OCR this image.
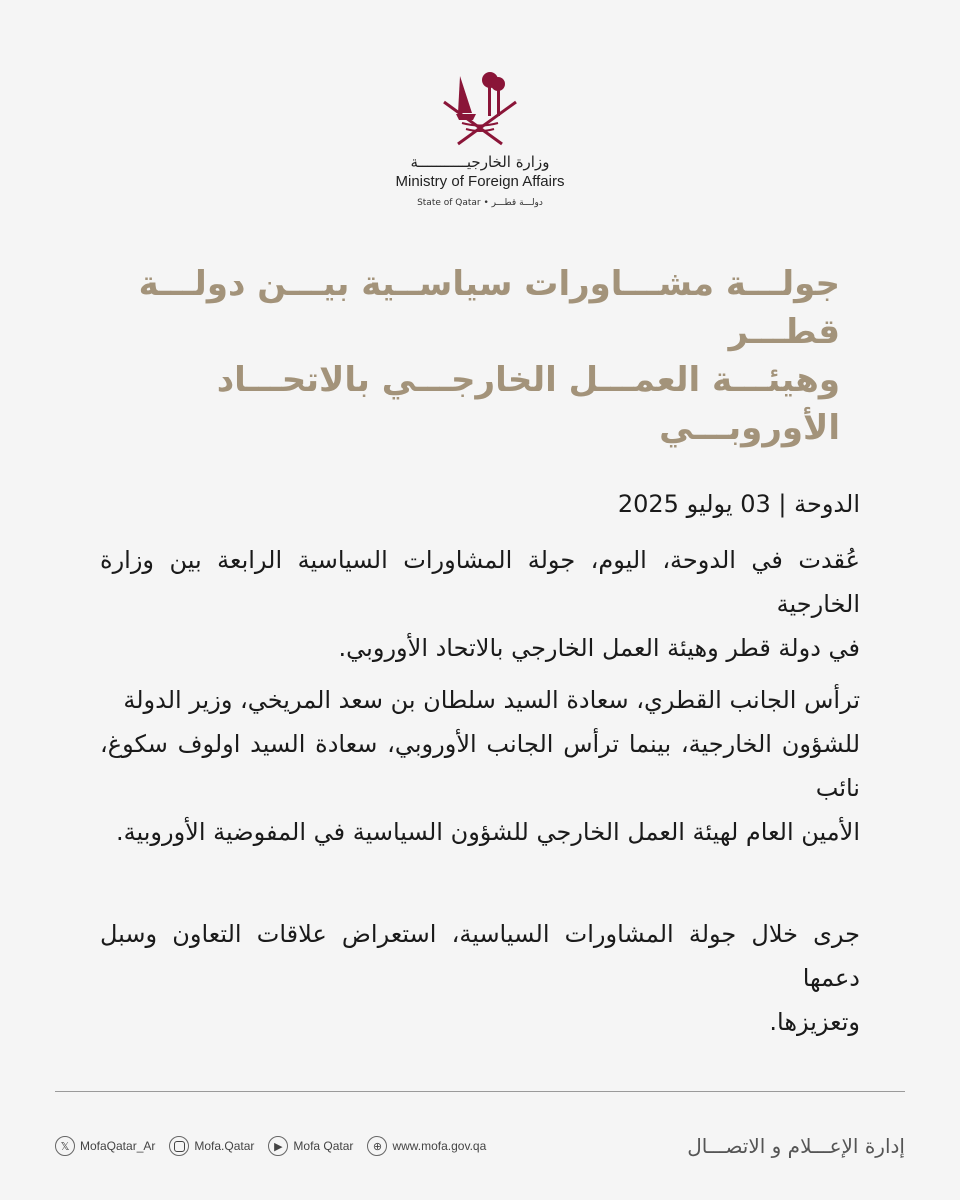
وزارة الخارجيـــــــــــة
Ministry of Foreign Affairs
State of Qatar • دولـــة قطـــر
جولـــة مشـــاورات سياســية بيـــن دولـــة قطـــر
وهيئـــة العمـــل الخارجـــي بالاتحـــاد الأوروبـــي
الدوحة | 03 يوليو 2025
عُقدت في الدوحة، اليوم، جولة المشاورات السياسية الرابعة بين وزارة الخارجية
في دولة قطر وهيئة العمل الخارجي بالاتحاد الأوروبي.
ترأس الجانب القطري، سعادة السيد سلطان بن سعد المريخي، وزير الدولة
للشؤون الخارجية، بينما ترأس الجانب الأوروبي، سعادة السيد اولوف سكوغ، نائب
الأمين العام لهيئة العمل الخارجي للشؤون السياسية في المفوضية الأوروبية.
جرى خلال جولة المشاورات السياسية، استعراض علاقات التعاون وسبل دعمها
وتعزيزها.
𝕏 MofaQatar_Ar	Mofa.Qatar	▶ Mofa Qatar	⊕ www.mofa.gov.qa	إدارة الإعـــلام و الاتصـــال
